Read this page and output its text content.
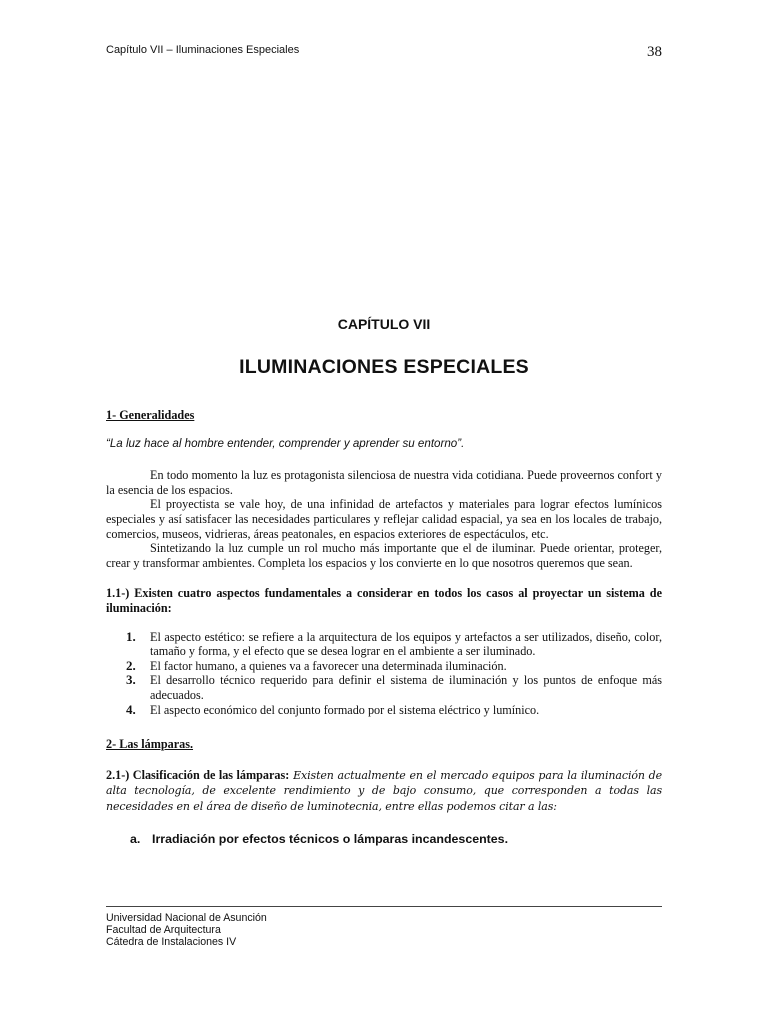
Capítulo VII – Iluminaciones Especiales	38
CAPÍTULO VII
ILUMINACIONES ESPECIALES
1- Generalidades
“La luz hace al hombre entender, comprender y aprender su entorno”.

En todo momento la luz es protagonista silenciosa de nuestra vida cotidiana. Puede proveernos confort y la esencia de los espacios.

El proyectista se vale hoy, de una infinidad de artefactos y materiales para lograr efectos lumínicos especiales y así satisfacer las necesidades particulares y reflejar calidad espacial, ya sea en los locales de trabajo, comercios, museos, vidrieras, áreas peatonales, en espacios exteriores de espectáculos, etc.

Sintetizando la luz cumple un rol mucho más importante que el de iluminar. Puede orientar, proteger, crear y transformar ambientes. Completa los espacios y los convierte en lo que nosotros queremos que sean.

1.1-) Existen cuatro aspectos fundamentales a considerar en todos los casos al proyectar un sistema de iluminación:
1.	El aspecto estético: se refiere a la arquitectura de los equipos y artefactos a ser utilizados, diseño, color, tamaño y forma, y el efecto que se desea lograr en el ambiente a ser iluminado.
2.	El factor humano, a quienes va a favorecer una determinada iluminación.
3.	El desarrollo técnico requerido para definir el sistema de iluminación y los puntos de enfoque más adecuados.
4.	El aspecto económico del conjunto formado por el sistema eléctrico y lumínico.
2- Las lámparas.
2.1-) Clasificación de las lámparas: Existen actualmente en el mercado equipos para la iluminación de alta tecnología, de excelente rendimiento y de bajo consumo, que corresponden a todas las necesidades en el área de diseño de luminotecnia, entre ellas podemos citar a las:
a. Irradiación por efectos técnicos o lámparas incandescentes.
Universidad Nacional de Asunción
Facultad de Arquitectura
Cátedra de Instalaciones IV
